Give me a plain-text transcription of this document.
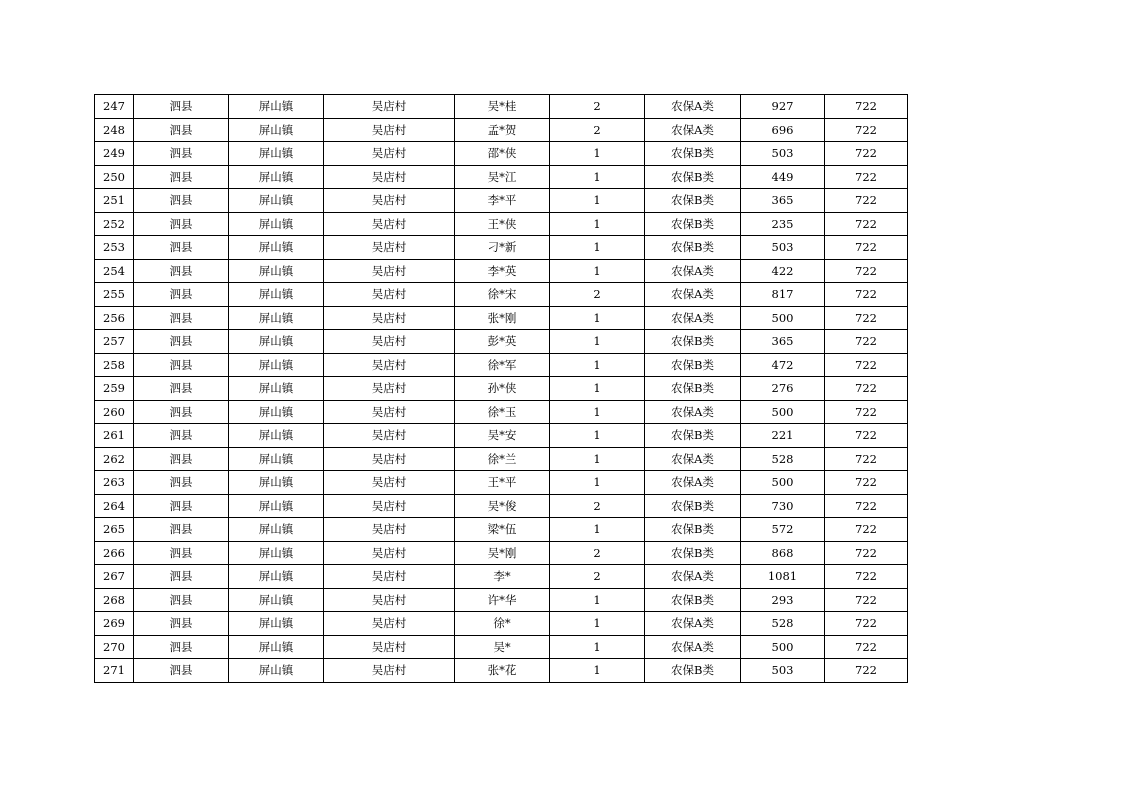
247	泗县	屏山镇	吴店村	吴*桂	2	农保A类	927	722
248	泗县	屏山镇	吴店村	孟*贺	2	农保A类	696	722
249	泗县	屏山镇	吴店村	邵*侠	1	农保B类	503	722
250	泗县	屏山镇	吴店村	吴*江	1	农保B类	449	722
251	泗县	屏山镇	吴店村	李*平	1	农保B类	365	722
252	泗县	屏山镇	吴店村	王*侠	1	农保B类	235	722
253	泗县	屏山镇	吴店村	刁*新	1	农保B类	503	722
254	泗县	屏山镇	吴店村	李*英	1	农保A类	422	722
255	泗县	屏山镇	吴店村	徐*宋	2	农保A类	817	722
256	泗县	屏山镇	吴店村	张*刚	1	农保A类	500	722
257	泗县	屏山镇	吴店村	彭*英	1	农保B类	365	722
258	泗县	屏山镇	吴店村	徐*军	1	农保B类	472	722
259	泗县	屏山镇	吴店村	孙*侠	1	农保B类	276	722
260	泗县	屏山镇	吴店村	徐*玉	1	农保A类	500	722
261	泗县	屏山镇	吴店村	吴*安	1	农保B类	221	722
262	泗县	屏山镇	吴店村	徐*兰	1	农保A类	528	722
263	泗县	屏山镇	吴店村	王*平	1	农保A类	500	722
264	泗县	屏山镇	吴店村	吴*俊	2	农保B类	730	722
265	泗县	屏山镇	吴店村	梁*伍	1	农保B类	572	722
266	泗县	屏山镇	吴店村	吴*刚	2	农保B类	868	722
267	泗县	屏山镇	吴店村	李*	2	农保A类	1081	722
268	泗县	屏山镇	吴店村	许*华	1	农保B类	293	722
269	泗县	屏山镇	吴店村	徐*	1	农保A类	528	722
270	泗县	屏山镇	吴店村	吴*	1	农保A类	500	722
271	泗县	屏山镇	吴店村	张*花	1	农保B类	503	722
